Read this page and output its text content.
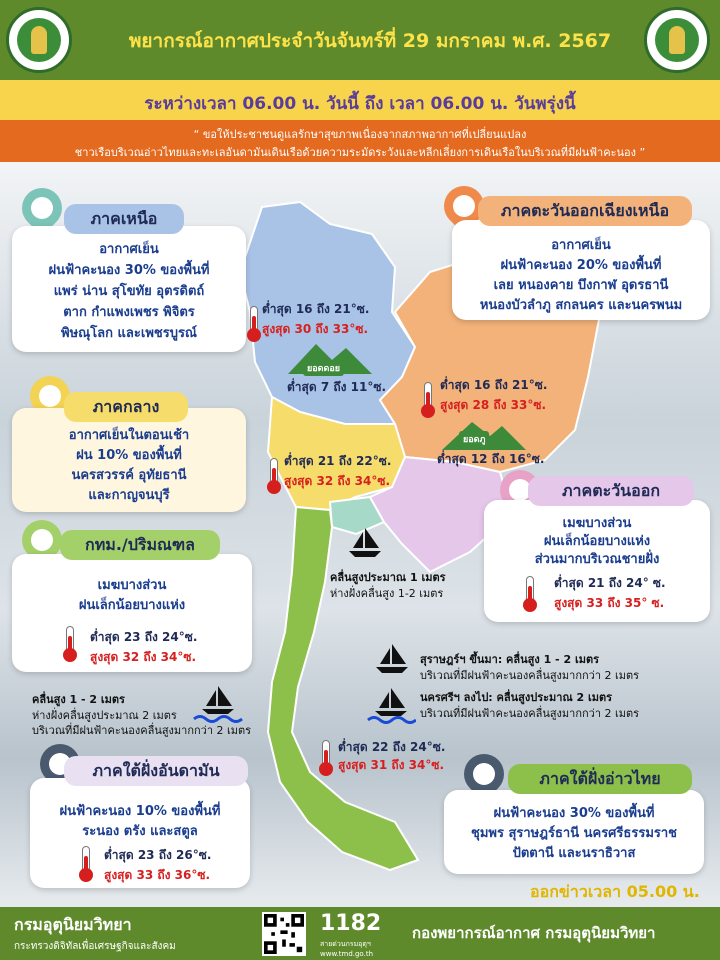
พยากรณ์อากาศประจำวันจันทร์ที่ 29 มกราคม พ.ศ. 2567
ระหว่างเวลา 06.00 น. วันนี้ ถึง เวลา 06.00 น. วันพรุ่งนี้
“ ขอให้ประชาชนดูแลรักษาสุขภาพเนื่องจากสภาพอากาศที่เปลี่ยนแปลง
ชาวเรือบริเวณอ่าวไทยและทะเลอันดามันเดินเรือด้วยความระมัดระวังและหลีกเลี่ยงการเดินเรือในบริเวณที่มีฝนฟ้าคะนอง ”
ยอดดอย
ต่ำสุด 7 ถึง 11°ซ.
ยอดภู
ต่ำสุด 12 ถึง 16°ซ.
อากาศเย็น
ฝนฟ้าคะนอง 30% ของพื้นที่
แพร่ น่าน สุโขทัย อุตรดิตถ์
ตาก กำแพงเพชร พิจิตร
พิษณุโลก และเพชรบูรณ์
ภาคเหนือ
ต่ำสุด 16 ถึง 21°ซ.
สูงสุด 30 ถึง 33°ซ.
อากาศเย็น
ฝนฟ้าคะนอง 20% ของพื้นที่
เลย หนองคาย บึงกาฬ อุดรธานี
หนองบัวลำภู สกลนคร และนครพนม
ภาคตะวันออกเฉียงเหนือ
ต่ำสุด 16 ถึง 21°ซ.
สูงสุด 28 ถึง 33°ซ.
อากาศเย็นในตอนเช้า
ฝน 10% ของพื้นที่
นครสวรรค์ อุทัยธานี
และกาญจนบุรี
ภาคกลาง
ต่ำสุด 21 ถึง 22°ซ.
สูงสุด 32 ถึง 34°ซ.
เมฆบางส่วน
ฝนเล็กน้อยบางแห่ง
ส่วนมากบริเวณชายฝั่ง
ต่ำสุด 21 ถึง 24° ซ.
สูงสุด 33 ถึง 35° ซ.
ภาคตะวันออก
เมฆบางส่วน
ฝนเล็กน้อยบางแห่ง
ต่ำสุด 23 ถึง 24°ซ.
สูงสุด 32 ถึง 34°ซ.
กทม./ปริมณฑล
คลื่นสูงประมาณ 1 เมตร
ห่างฝั่งคลื่นสูง 1-2 เมตร
สุราษฎร์ฯ ขึ้นมา: คลื่นสูง 1 - 2 เมตร
บริเวณที่มีฝนฟ้าคะนองคลื่นสูงมากกว่า 2 เมตร
นครศรีฯ ลงไป: คลื่นสูงประมาณ 2 เมตร
บริเวณที่มีฝนฟ้าคะนองคลื่นสูงมากกว่า 2 เมตร
คลื่นสูง 1 - 2 เมตร
ห่างฝั่งคลื่นสูงประมาณ 2 เมตร
บริเวณที่มีฝนฟ้าคะนองคลื่นสูงมากกว่า 2 เมตร
ต่ำสุด 22 ถึง 24°ซ.
สูงสุด 31 ถึง 34°ซ.
ฝนฟ้าคะนอง 10% ของพื้นที่
ระนอง ตรัง และสตูล
ต่ำสุด 23 ถึง 26°ซ.
สูงสุด 33 ถึง 36°ซ.
ภาคใต้ฝั่งอันดามัน
ฝนฟ้าคะนอง 30% ของพื้นที่
ชุมพร สุราษฎร์ธานี นครศรีธรรมราช
ปัตตานี และนราธิวาส
ภาคใต้ฝั่งอ่าวไทย
ออกข่าวเวลา 05.00 น.
กรมอุตุนิยมวิทยา
กระทรวงดิจิทัลเพื่อเศรษฐกิจและสังคม
1182
สายด่วนกรมอุตุฯ www.tmd.go.th
กองพยากรณ์อากาศ กรมอุตุนิยมวิทยา
